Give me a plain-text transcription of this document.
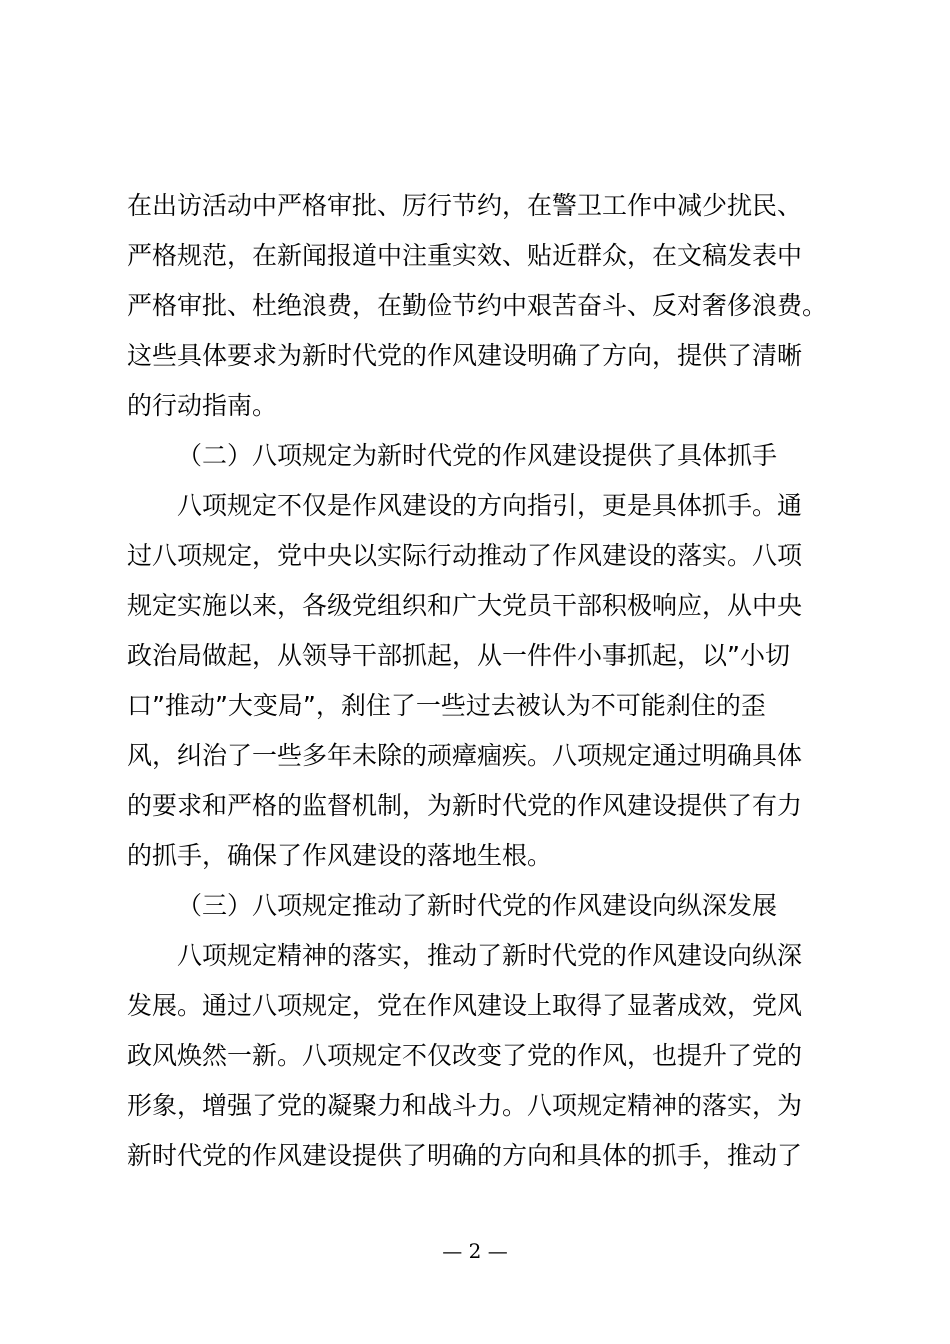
在出访活动中严格审批、厉行节约，在警卫工作中减少扰民、
严格规范，在新闻报道中注重实效、贴近群众，在文稿发表中
严格审批、杜绝浪费，在勤俭节约中艰苦奋斗、反对奢侈浪费。
这些具体要求为新时代党的作风建设明确了方向，提供了清晰
的行动指南。
（二）八项规定为新时代党的作风建设提供了具体抓手
八项规定不仅是作风建设的方向指引，更是具体抓手。通
过八项规定，党中央以实际行动推动了作风建设的落实。八项
规定实施以来，各级党组织和广大党员干部积极响应，从中央
政治局做起，从领导干部抓起，从一件件小事抓起，以”小切
口”推动”大变局”，刹住了一些过去被认为不可能刹住的歪
风，纠治了一些多年未除的顽瘴痼疾。八项规定通过明确具体
的要求和严格的监督机制，为新时代党的作风建设提供了有力
的抓手，确保了作风建设的落地生根。
（三）八项规定推动了新时代党的作风建设向纵深发展
八项规定精神的落实，推动了新时代党的作风建设向纵深
发展。通过八项规定，党在作风建设上取得了显著成效，党风
政风焕然一新。八项规定不仅改变了党的作风，也提升了党的
形象，增强了党的凝聚力和战斗力。八项规定精神的落实，为
新时代党的作风建设提供了明确的方向和具体的抓手，推动了
— 2 —
